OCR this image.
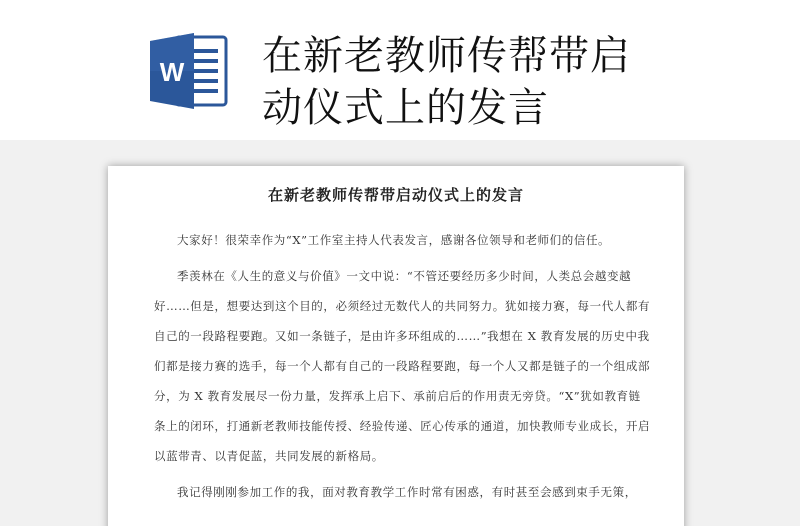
W 在新老教师传帮带启
动仪式上的发言
在新老教师传帮带启动仪式上的发言
大家好！很荣幸作为“X”工作室主持人代表发言，感谢各位领导和老师们的信任。
季羡林在《人生的意义与价值》一文中说：“不管还要经历多少时间，人类总会越变越
好……但是，想要达到这个目的，必须经过无数代人的共同努力。犹如接力赛，每一代人都有
自己的一段路程要跑。又如一条链子，是由许多环组成的……”我想在 X 教育发展的历史中我
们都是接力赛的选手，每一个人都有自己的一段路程要跑，每一个人又都是链子的一个组成部
分，为 X 教育发展尽一份力量，发挥承上启下、承前启后的作用责无旁贷。“X”犹如教育链
条上的闭环，打通新老教师技能传授、经验传递、匠心传承的通道，加快教师专业成长，开启
以蓝带青、以青促蓝，共同发展的新格局。
我记得刚刚参加工作的我，面对教育教学工作时常有困惑，有时甚至会感到束手无策，
